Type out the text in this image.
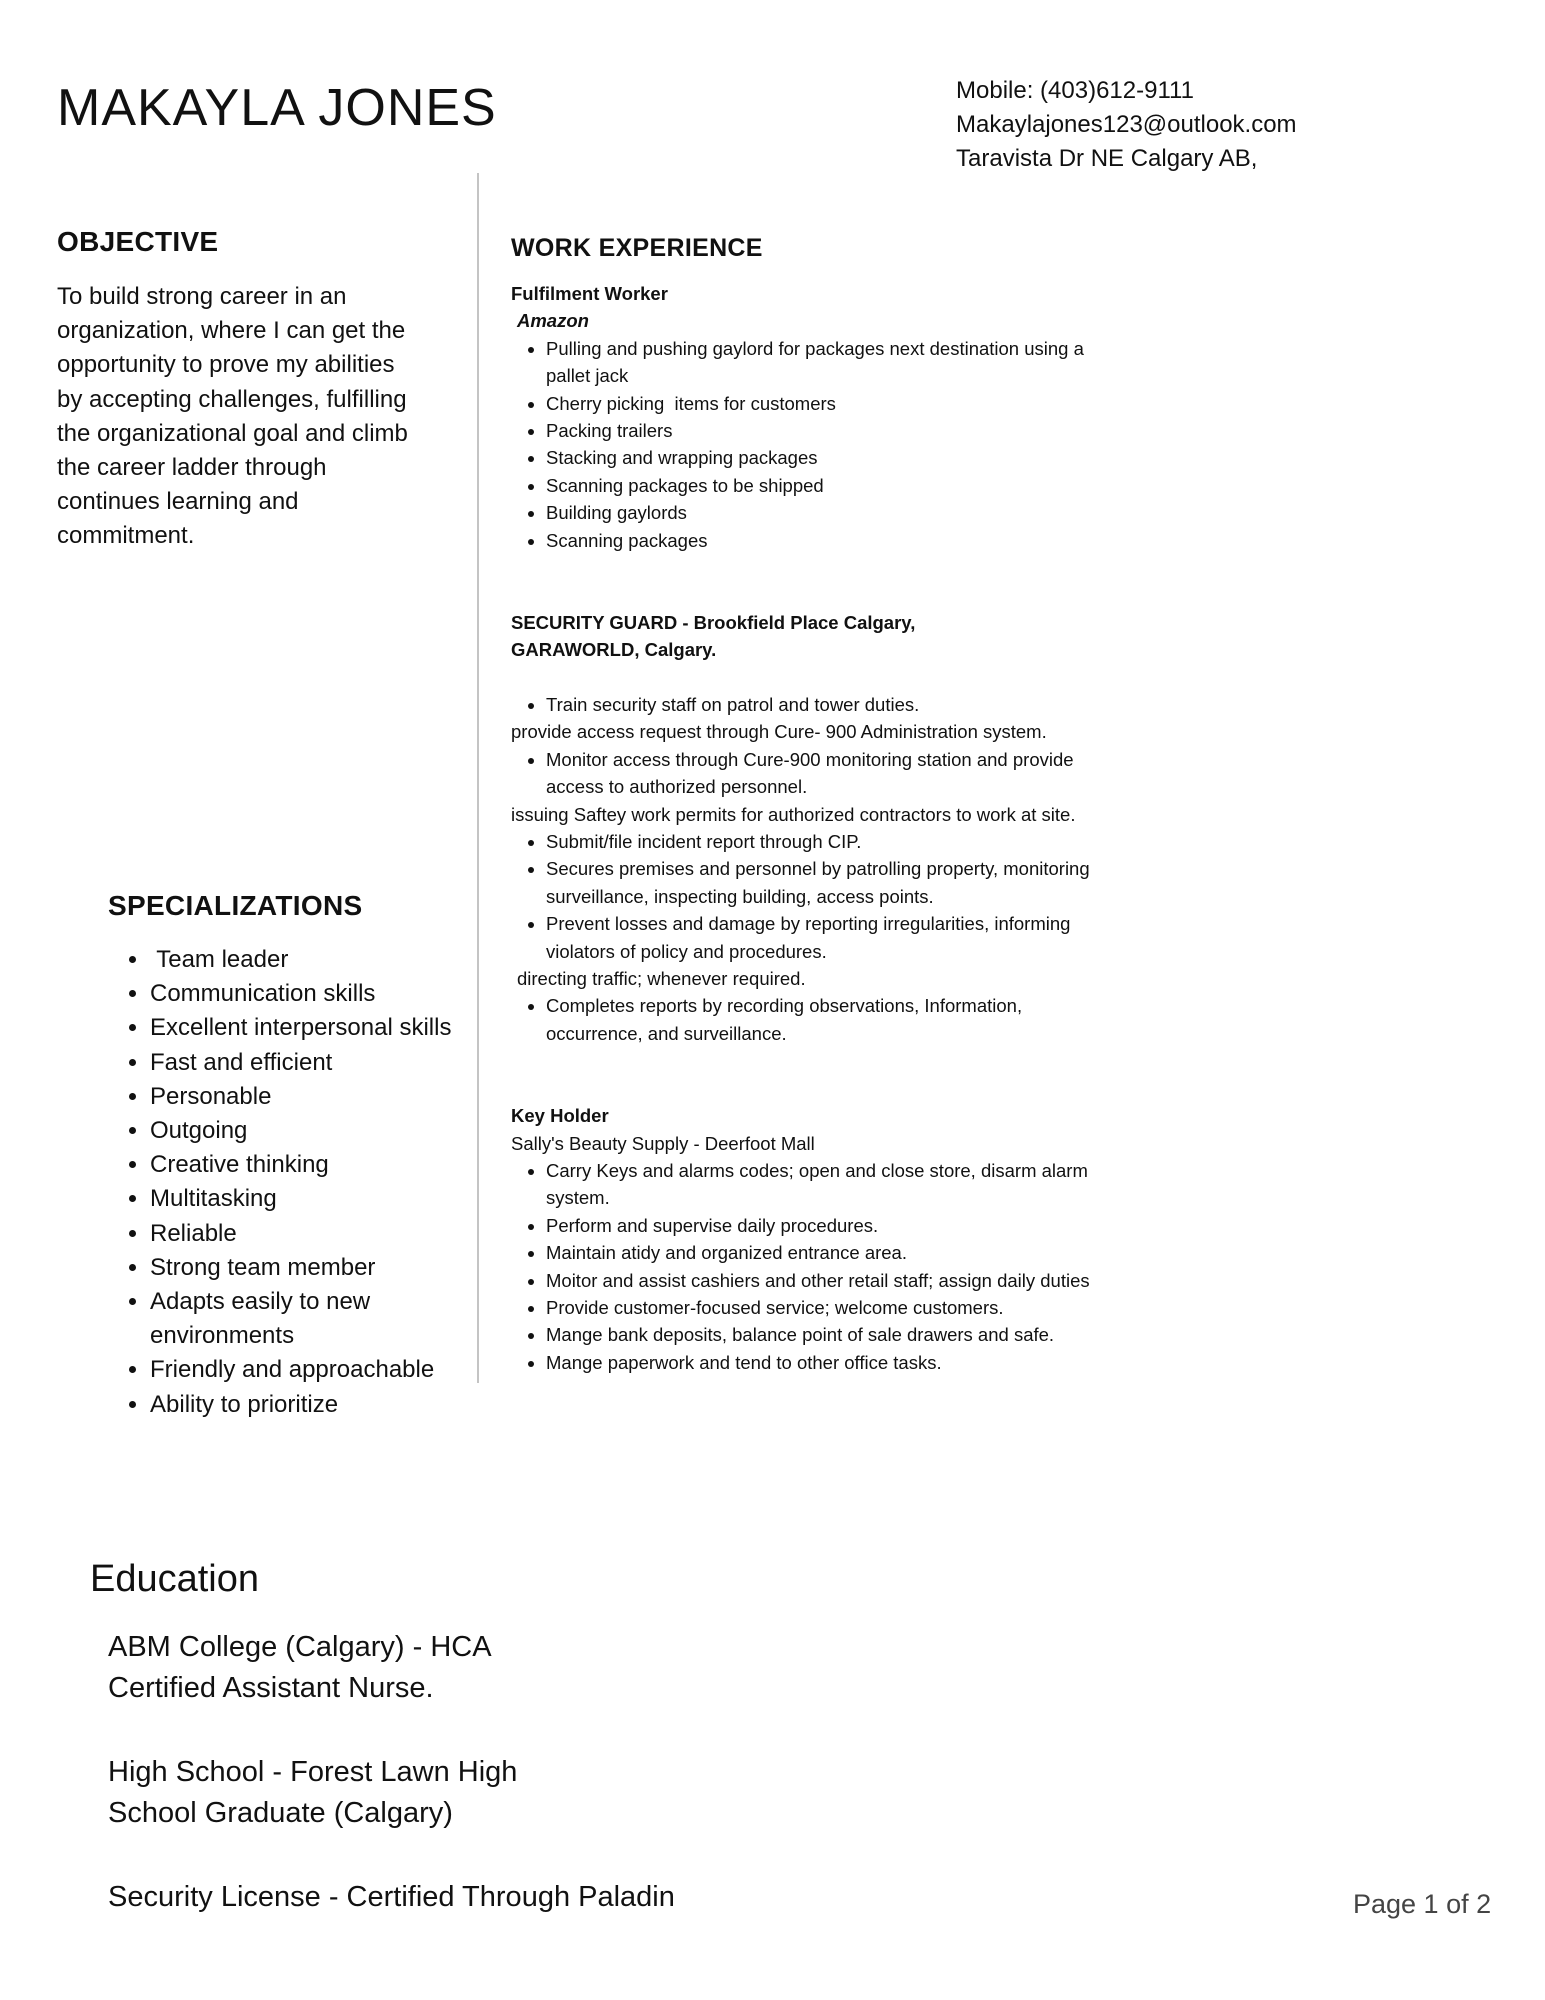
MAKAYLA JONES	Mobile: (403)612-9111
Makaylajones123@outlook.com
Taravista Dr NE Calgary AB,
OBJECTIVE
To build strong career in an organization, where I can get the opportunity to prove my abilities by accepting challenges, fulfilling the organizational goal and climb the career ladder through continues learning and commitment.
SPECIALIZATIONS
•  Team leader
• Communication skills
• Excellent interpersonal skills
• Fast and efficient
• Personable
• Outgoing
• Creative thinking
• Multitasking
• Reliable
• Strong team member
• Adapts easily to new environments
• Friendly and approachable
• Ability to prioritize
WORK EXPERIENCE
Fulfilment Worker
Amazon
• Pulling and pushing gaylord for packages next destination using a pallet jack
• Cherry picking  items for customers
• Packing trailers
• Stacking and wrapping packages
• Scanning packages to be shipped
• Building gaylords
• Scanning packages
SECURITY GUARD - Brookfield Place Calgary,
GARAWORLD, Calgary.
• Train security staff on patrol and tower duties.
provide access request through Cure- 900 Administration system.
• Monitor access through Cure-900 monitoring station and provide access to authorized personnel.
issuing Saftey work permits for authorized contractors to work at site.
• Submit/file incident report through CIP.
• Secures premises and personnel by patrolling property, monitoring surveillance, inspecting building, access points.
• Prevent losses and damage by reporting irregularities, informing violators of policy and procedures.
directing traffic; whenever required.
• Completes reports by recording observations, Information, occurrence, and surveillance.
Key Holder
Sally's Beauty Supply - Deerfoot Mall
• Carry Keys and alarms codes; open and close store, disarm alarm system.
• Perform and supervise daily procedures.
• Maintain atidy and organized entrance area.
• Moitor and assist cashiers and other retail staff; assign daily duties
• Provide customer-focused service; welcome customers.
• Mange bank deposits, balance point of sale drawers and safe.
• Mange paperwork and tend to other office tasks.
Education
ABM College (Calgary) - HCA
Certified Assistant Nurse.
High School - Forest Lawn High
School Graduate (Calgary)
Security License - Certified Through Paladin	Page 1 of 2
